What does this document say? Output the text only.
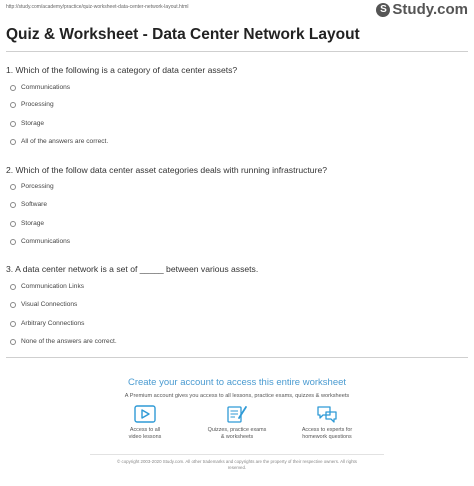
http://study.com/academy/practice/quiz-worksheet-data-center-network-layout.html	S Study.com
Quiz & Worksheet - Data Center Network Layout
1. Which of the following is a category of data center assets?
Communications
Processing
Storage
All of the answers are correct.
2. Which of the follow data center asset categories deals with running infrastructure?
Porcessing
Software
Storage
Communications
3. A data center network is a set of _____ between various assets.
Communication Links
Visual Connections
Arbitrary Connections
None of the answers are correct.
Create your account to access this entire worksheet
A Premium account gives you access to all lessons, practice exams, quizzes & worksheets
Access to all
video lessons
Quizzes, practice exams
& worksheets
Access to experts for
homework questions
© copyright 2003-2020 Study.com. All other trademarks and copyrights are the property of their respective owners. All rights
reserved.
